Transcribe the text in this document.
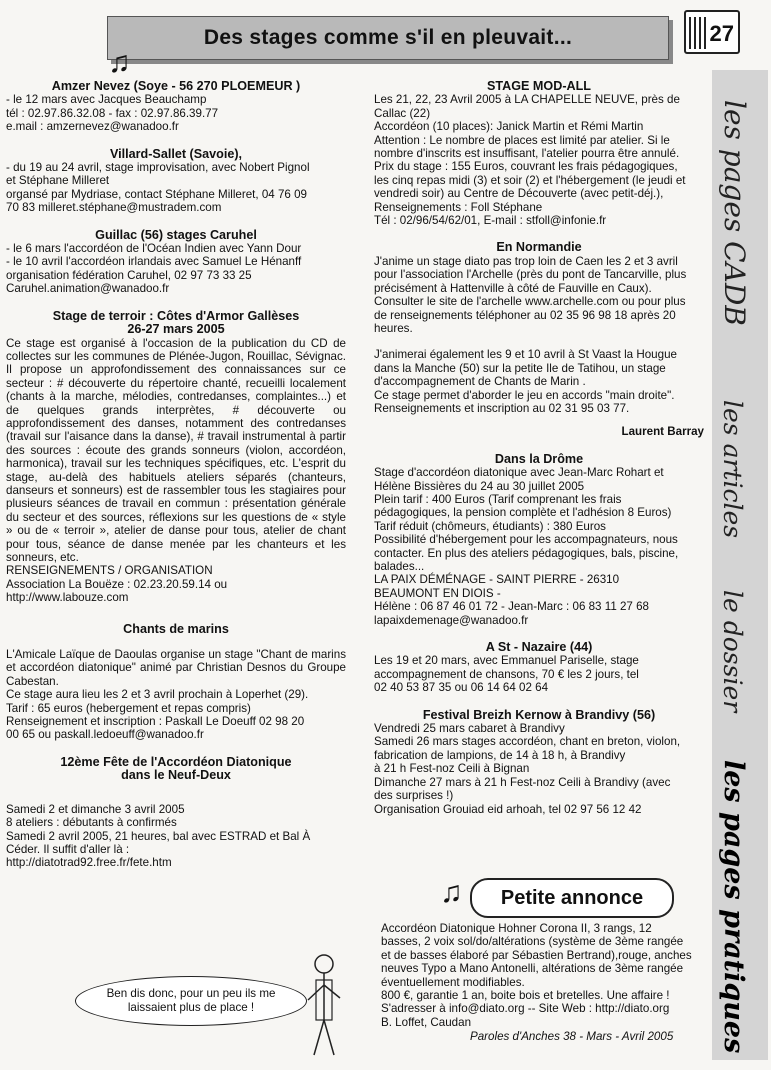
Des stages comme s'il en pleuvait...	27
♫

Amzer Nevez (Soye - 56 270 PLOEMEUR )

- le 12 mars avec Jacques Beauchamp

tél : 02.97.86.32.08 - fax : 02.97.86.39.77

e.mail : amzernevez@wanadoo.fr

Villard-Sallet (Savoie),

- du 19 au 24 avril, stage improvisation, avec Nobert Pignol

et Stéphane Milleret

organsé par Mydriase, contact Stéphane Milleret, 04 76 09

70 83 milleret.stéphane@mustradem.com

Guillac (56) stages Caruhel

- le 6 mars l'accordéon de l'Océan Indien avec Yann Dour

- le 10 avril l'accordéon irlandais avec Samuel Le Hénanff

organisation fédération Caruhel, 02 97 73 33 25

Caruhel.animation@wanadoo.fr

Stage de terroir : Côtes d'Armor Gallèses

26-27 mars 2005

Ce stage est organisé à l'occasion de la publication du CD de collectes sur les communes de Plénée-Jugon, Rouillac, Sévignac. Il propose un approfondissement des connaissances sur ce secteur : # découverte du répertoire chanté, recueilli localement (chants à la marche, mélodies, contredanses, complaintes...) et de quelques grands interprètes, # découverte ou approfondissement des danses, notamment des contredanses (travail sur l'aisance dans la danse), # travail instrumental à partir des sources : écoute des grands sonneurs (violon, accordéon, harmonica), travail sur les techniques spécifiques, etc. L'esprit du stage, au-delà des habituels ateliers séparés (chanteurs, danseurs et sonneurs) est de rassembler tous les stagiaires pour plusieurs séances de travail en commun : présentation générale du secteur et des sources, réflexions sur les questions de « style » ou de « terroir », atelier de danse pour tous, atelier de chant pour tous, séance de danse menée par les chanteurs et les sonneurs, etc.

RENSEIGNEMENTS / ORGANISATION

Association La Bouëze : 02.23.20.59.14 ou

http://www.labouze.com

Chants de marins

L'Amicale Laïque de Daoulas organise un stage "Chant de marins et accordéon diatonique" animé par Christian Desnos du Groupe Cabestan.

Ce stage aura lieu les 2 et 3 avril prochain à Loperhet (29).

Tarif : 65 euros (hebergement et repas compris)

Renseignement et inscription : Paskall Le Doeuff 02 98 20

00 65 ou paskall.ledoeuff@wanadoo.fr

12ème Fête de l'Accordéon Diatonique

dans le Neuf-Deux

Samedi 2 et dimanche 3 avril 2005

8 ateliers : débutants à confirmés

Samedi 2 avril 2005, 21 heures, bal avec ESTRAD et Bal À

Céder. Il suffit d'aller là :

http://diatotrad92.free.fr/fete.htm

Ben dis donc, pour un peu ils me
laissaient plus de place !

STAGE MOD-ALL

Les 21, 22, 23 Avril 2005 à LA CHAPELLE NEUVE, près de

Callac (22)

Accordéon (10 places): Janick Martin et Rémi Martin

Attention : Le nombre de places est limité par atelier. Si le

nombre d'inscrits est insuffisant, l'atelier pourra être annulé.

Prix du stage : 155 Euros, couvrant les frais pédagogiques,

les cinq repas midi (3) et soir (2) et l'hébergement (le jeudi et

vendredi soir) au Centre de Découverte (avec petit-déj.),

Renseignements : Foll Stéphane

Tél : 02/96/54/62/01, E-mail : stfoll@infonie.fr

En Normandie

J'anime un stage diato pas trop loin de Caen les 2 et 3 avril

pour l'association l'Archelle (près du pont de Tancarville, plus

précisément à Hattenville à côté de Fauville en Caux).

Consulter le site de l'archelle www.archelle.com ou pour plus

de renseignements téléphoner au 02 35 96 98 18 après 20

heures.

J'animerai également les 9 et 10 avril à St Vaast la Hougue

dans la Manche (50) sur la petite Ile de Tatihou, un stage

d'accompagnement de Chants de Marin .

Ce stage permet d'aborder le jeu en accords "main droite".

Renseignements et inscription au 02 31 95 03 77.

Laurent Barray

Dans la Drôme

Stage d'accordéon diatonique avec Jean-Marc Rohart et

Hélène Bissières du 24 au 30 juillet 2005

Plein tarif : 400 Euros (Tarif comprenant les frais

pédagogiques, la pension complète et l'adhésion 8 Euros)

Tarif réduit (chômeurs, étudiants) : 380 Euros

Possibilité d'hébergement pour les accompagnateurs, nous

contacter. En plus des ateliers pédagogiques, bals, piscine,

balades...

LA PAIX DÉMÉNAGE - SAINT PIERRE - 26310

BEAUMONT EN DIOIS -

Hélène : 06 87 46 01 72 - Jean-Marc : 06 83 11 27 68

lapaixdemenage@wanadoo.fr

A St - Nazaire (44)

Les 19 et 20 mars, avec Emmanuel Pariselle, stage

accompagnement de chansons, 70 € les 2 jours, tel

02 40 53 87 35 ou 06 14 64 02 64

Festival Breizh Kernow à Brandivy (56)

Vendredi 25 mars cabaret à Brandivy

Samedi 26 mars stages accordéon, chant en breton, violon,

fabrication de lampions, de 14 à 18 h, à Brandivy

à 21 h Fest-noz Ceili à Bignan

Dimanche 27 mars à 21 h Fest-noz Ceili à Brandivy (avec

des surprises !)

Organisation Grouiad eid arhoah, tel 02 97 56 12 42

♫	Petite annonce

Accordéon Diatonique Hohner Corona II, 3 rangs, 12

basses, 2 voix sol/do/altérations (système de 3ème rangée

et de basses élaboré par Sébastien Bertrand),rouge, anches

neuves Typo a Mano Antonelli, altérations de 3ème rangée

éventuellement modifiables.

800 €, garantie 1 an, boite bois et bretelles. Une affaire !

S'adresser à info@diato.org -- Site Web : http://diato.org

B. Loffet, Caudan

Paroles d'Anches 38 - Mars - Avril 2005
les pages CADB
les articles
le dossier
les pages pratiques
